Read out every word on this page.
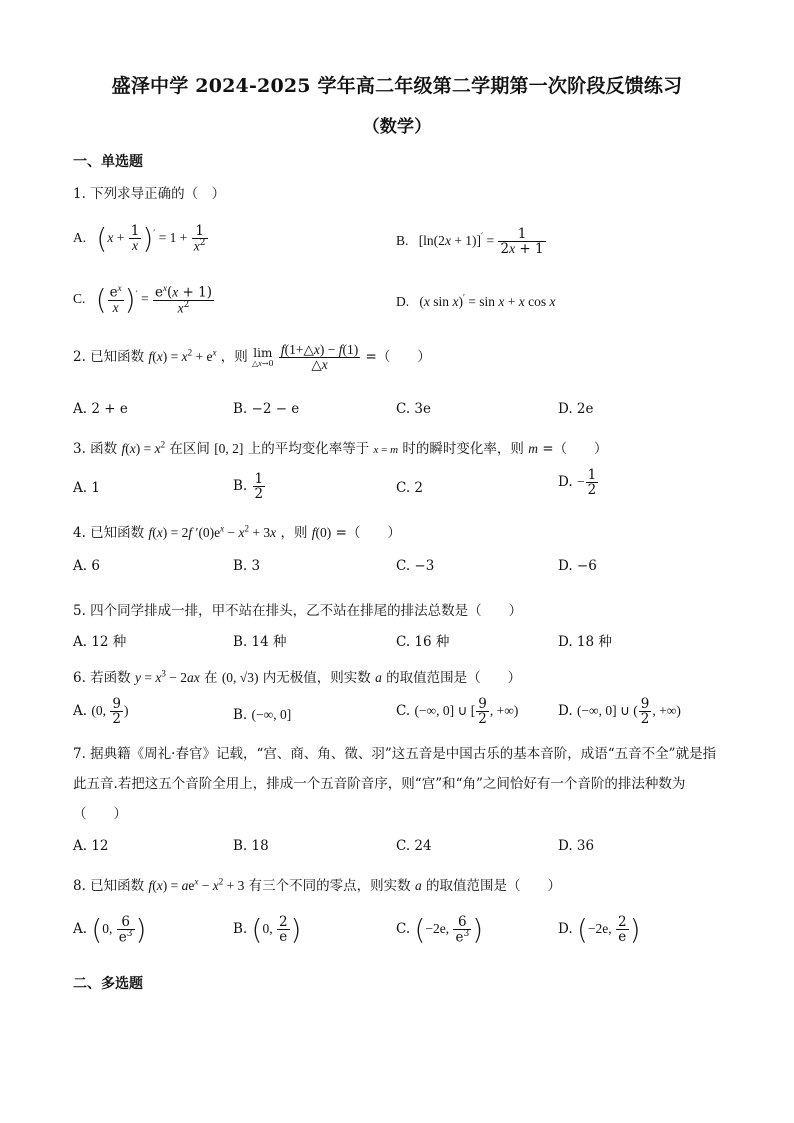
盛泽中学 2024-2025 学年高二年级第二学期第一次阶段反馈练习
（数学）
一、单选题
1. 下列求导正确的（　）
A. $(x + \frac{1}{x} )' = 1 + \frac{1}{x^2}$	B. $[\ln(2x + 1)]' = \frac{1}{2x + 1}$
C. ( $\frac{e^x}{x} )' = \frac{e^x(x + 1)}{x^2}$	D. (x sin x)′ = sin x + x cos x
2. 已知函数 $f(x) = x^2 + e^x$ ，则 lim
△x→0
$\frac{f(1+\triangle x) - f(1)}{\triangle x}$ =（　　）
A. 2 + e	B. −2 − e	C. 3e	D. 2e
3. 函数 $f(x) = x^2$ 在区间 [0, 2] 上的平均变化率等于 x = m 时的瞬时变化率，则 m =（　　）
A. 1	B. $\frac{1}{2}$	C. 2	D. − $\frac{1}{2}$
4. 已知函数 f(x) = 2f $'(0)e^x - x^2 + 3x$ ，则 f(0) =（　　）
A. 6	B. 3	C. −3	D. −6
5. 四个同学排成一排，甲不站在排头，乙不站在排尾的排法总数是（　　）
A. 12 种	B. 14 种	C. 16 种	D. 18 种
6. 若函数 $y = x^3 - 2ax$ 在 (0, √3) 内无极值，则实数 a 的取值范围是（　　）
A. (0, $\frac{9}{2}$ )	B. (−∞, 0]	C. (−∞, 0] ∪ [ $\frac{9}{2}$ , +∞)	D. (−∞, 0] ∪ ( $\frac{9}{2}$ , +∞)
7. 据典籍《周礼·春官》记载，“宫、商、角、徵、羽”这五音是中国古乐的基本音阶，成语“五音不全”就是指此五音.若把这五个音阶全用上，排成一个五音阶音序，则“宫”和“角”之间恰好有一个音阶的排法种数为（　　）
A. 12	B. 18	C. 24	D. 36
8. 已知函数 $f(x) = ae^x - x^2 + 3$ 有三个不同的零点，则实数 a 的取值范围是（　　）
A. (0, $\frac{6}{e^3}$ )	B. (0, $\frac{2}{e}$ )	C. (−2e, $\frac{6}{e^3}$ )	D. (−2e, $\frac{2}{e}$ )
二、多选题
